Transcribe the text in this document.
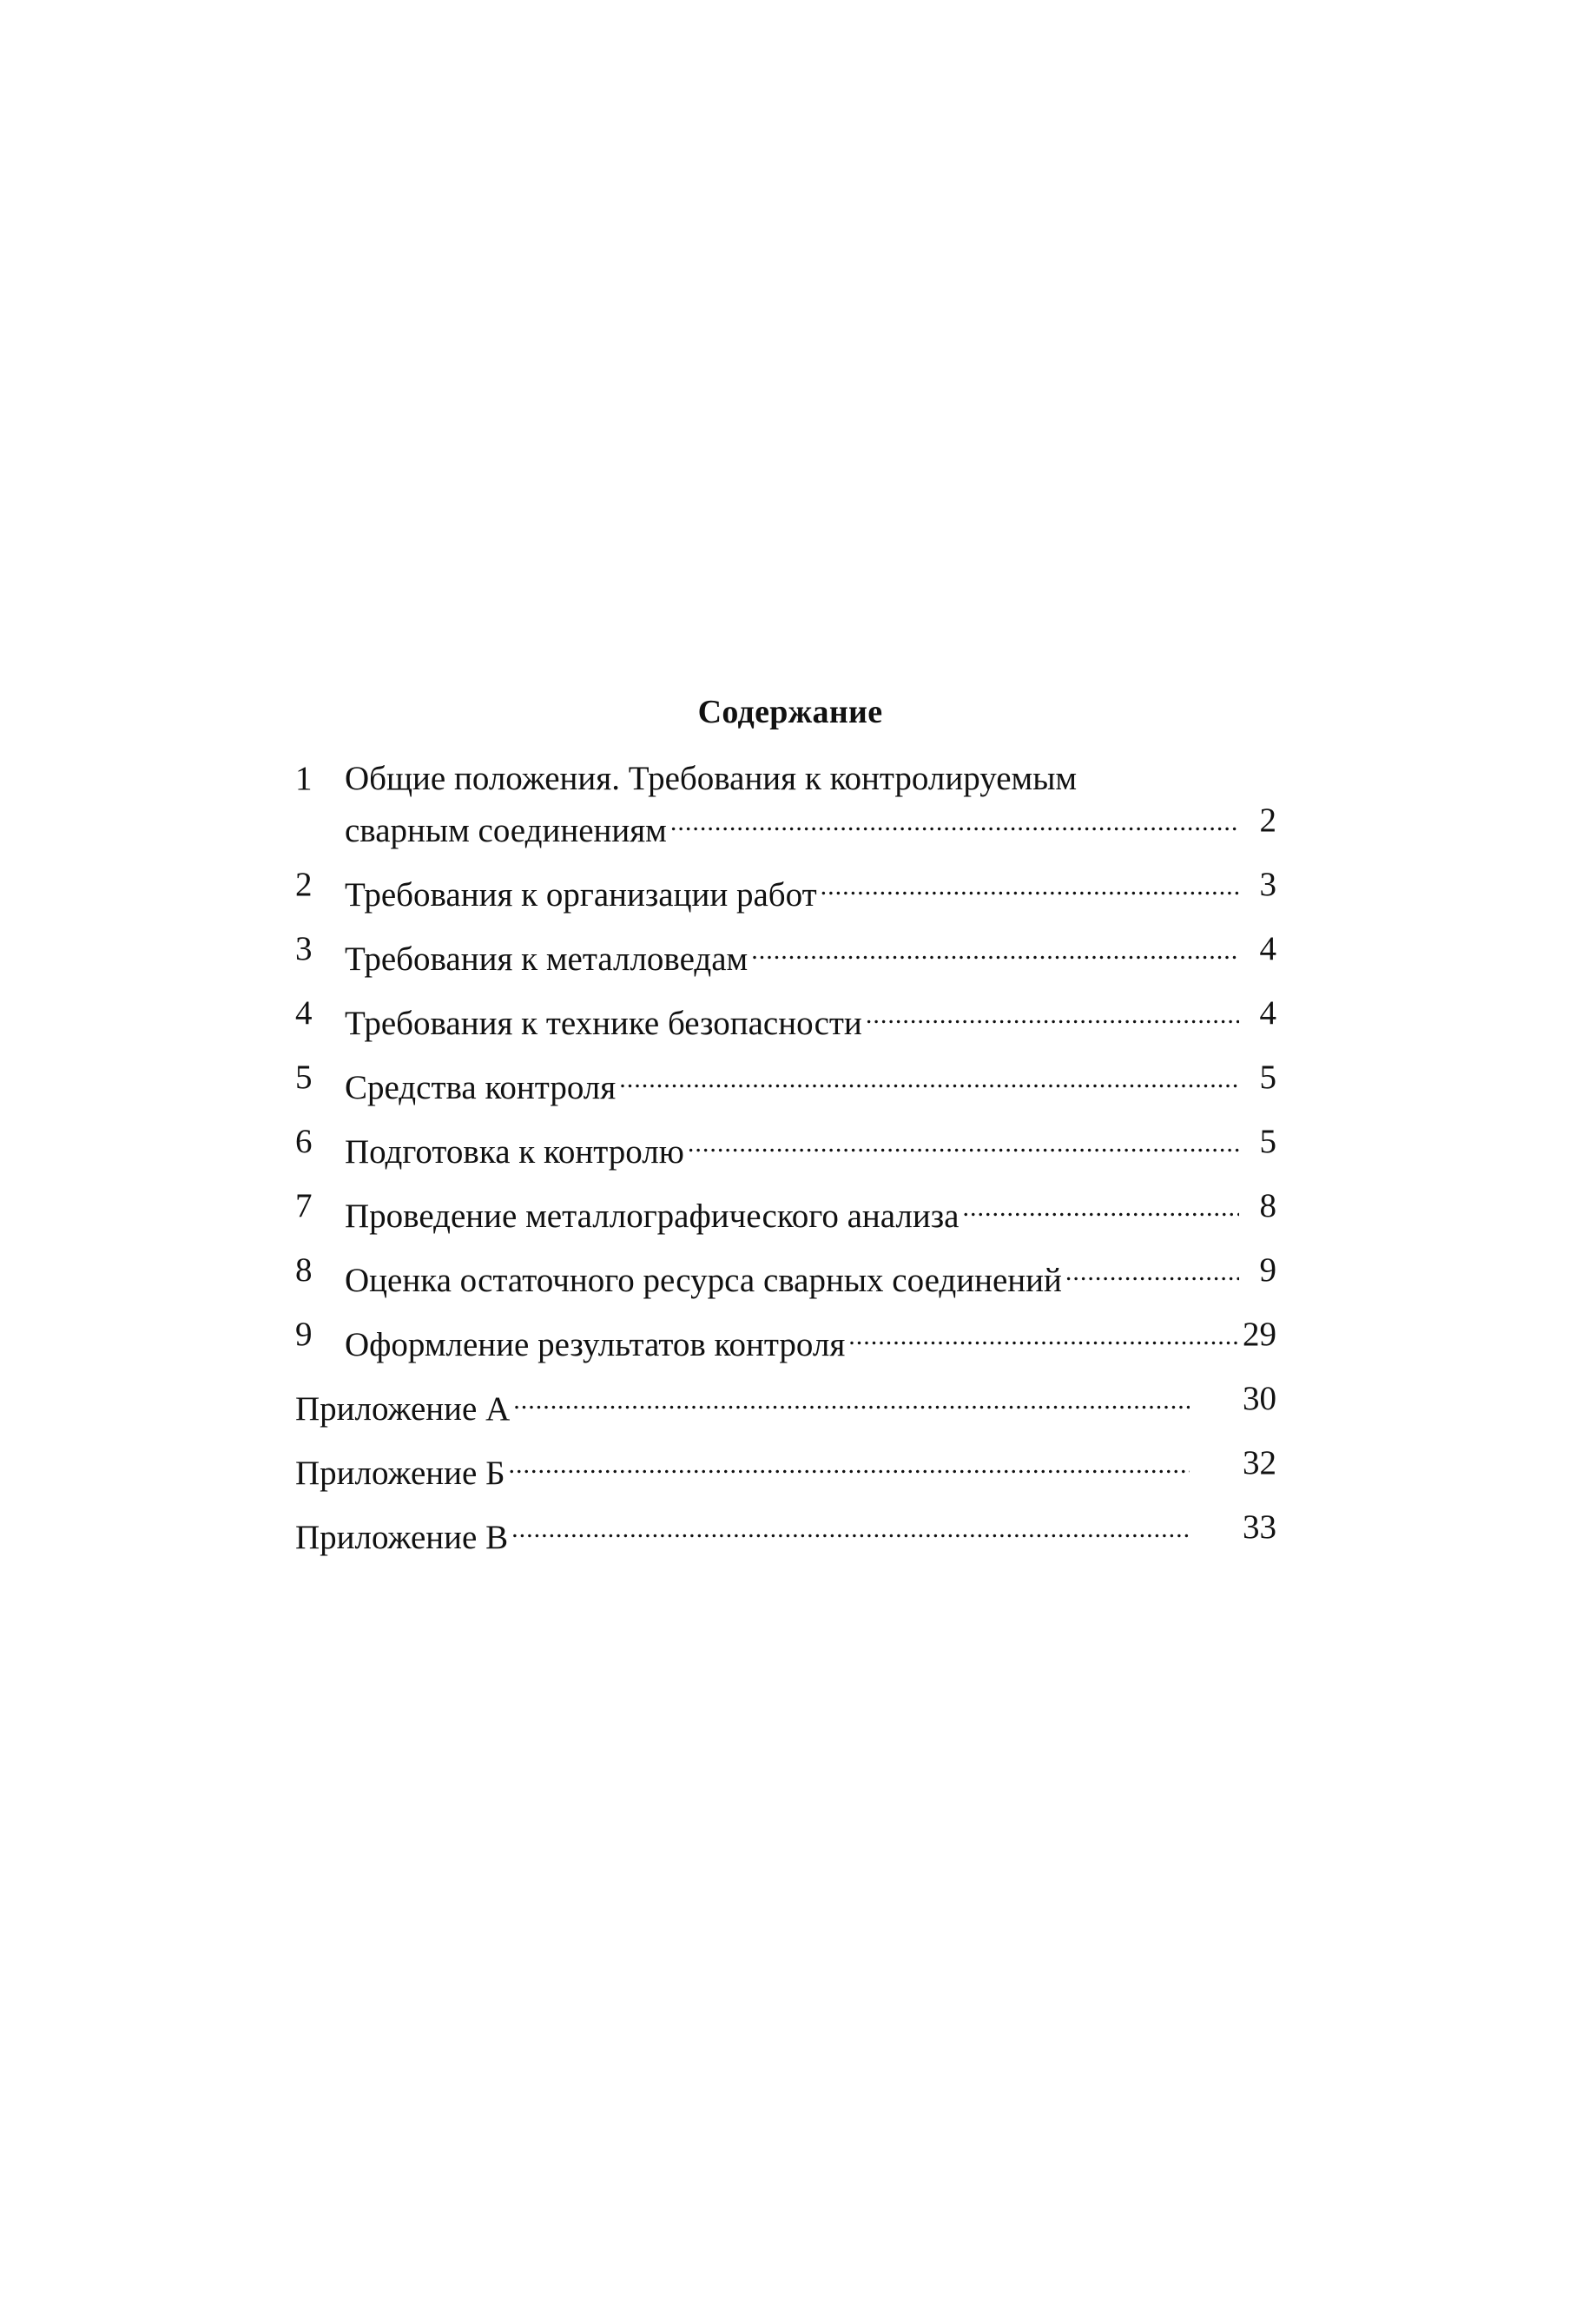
Содержание
1 Общие положения. Требования к контролируемым
сварным соединениям .....	2
2 Требования к организации работ .....	3
3 Требования к металловедам .....	4
4 Требования к технике безопасности .....	4
5 Средства контроля .....	5
6 Подготовка к контролю .....	5
7 Проведение металлографического анализа .....	8
8 Оценка остаточного ресурса сварных соединений .....	9
9 Оформление результатов контроля .....	29
Приложение А .....	30
Приложение Б .....	32
Приложение В .....	33
